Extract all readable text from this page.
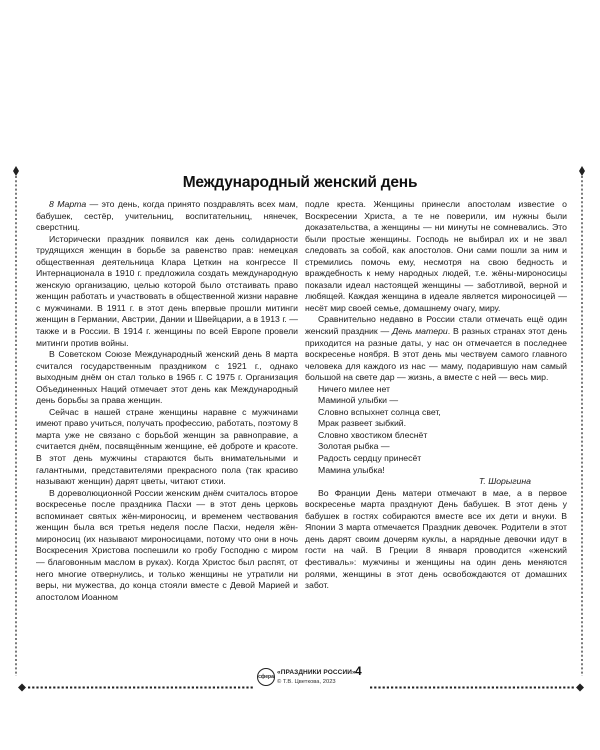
Международный женский день

8 Марта — это день, когда принято поздравлять всех мам, бабушек, сестёр, учительниц, воспитательниц, нянечек, сверстниц.

Исторически праздник появился как день солидарности трудящихся женщин в борьбе за равенство прав: немецкая общественная деятельница Клара Цеткин на конгрессе II Интернационала в 1910 г. предложила создать международную женскую организацию, целью которой было отстаивать право женщин работать и участвовать в общественной жизни наравне с мужчинами. В 1911 г. в этот день впервые прошли митинги женщин в Германии, Австрии, Дании и Швейцарии, а в 1913 г. — также и в России. В 1914 г. женщины по всей Европе провели митинги против войны.

В Советском Союзе Международный женский день 8 марта считался государственным праздником с 1921 г., однако выходным днём он стал только в 1965 г. С 1975 г. Организация Объединенных Наций отмечает этот день как Международный день борьбы за права женщин.

Сейчас в нашей стране женщины наравне с мужчинами имеют право учиться, получать профессию, работать, поэтому 8 марта уже не связано с борьбой женщин за равноправие, а считается днём, посвящённым женщине, её доброте и красоте. В этот день мужчины стараются быть внимательными и галантными, представителями прекрасного пола (так красиво называют женщин) дарят цветы, читают стихи.

В дореволюционной России женским днём считалось второе воскресенье после праздника Пасхи — в этот день церковь вспоминает святых жён-мироносиц, и временем чествования женщин была вся третья неделя после Пасхи, неделя жён-мироносиц (их называют мироносицами, потому что они в ночь Воскресения Христова поспешили ко гробу Господню с миром — благовонным маслом в руках). Когда Христос был распят, от него многие отвернулись, и только женщины не утратили ни веры, ни мужества, до конца стояли вместе с Девой Марией и апостолом Иоанном

подле креста. Женщины принесли апостолам известие о Воскресении Христа, а те не поверили, им нужны были доказательства, а женщины — ни минуты не сомневались. Это были простые женщины. Господь не выбирал их и не звал следовать за собой, как апостолов. Они сами пошли за ним и стремились помочь ему, несмотря на свою бедность и враждебность к нему народных людей, т.е. жёны-мироносицы показали идеал настоящей женщины — заботливой, верной и любящей. Каждая женщина в идеале является мироносицей — несёт мир своей семье, домашнему очагу, миру.

Сравнительно недавно в России стали отмечать ещё один женский праздник — День матери. В разных странах этот день приходится на разные даты, у нас он отмечается в последнее воскресенье ноября. В этот день мы чествуем самого главного человека для каждого из нас — маму, подарившую нам самый большой на свете дар — жизнь, а вместе с ней — весь мир.

Ничего милее нет
Маминой улыбки —
Словно вспыхнет солнца свет,
Мрак развеет зыбкий.
Словно хвостиком блеснёт
Золотая рыбка —
Радость сердцу принесёт
Мамина улыбка!

Т. Шорыгина

Во Франции День матери отмечают в мае, а в первое воскресенье марта празднуют День бабушек. В этот день у бабушек в гостях собираются вместе все их дети и внуки. В Японии 3 марта отмечается Праздник девочек. Родители в этот день дарят своим дочерям куклы, а нарядные девочки идут в гости на чай. В Греции 8 января проводится «женский фестиваль»: мужчины и женщины на один день меняются ролями, женщины в этот день освобождаются от домашних забот.

сфера
«ПРАЗДНИКИ РОССИИ»
© Т.В. Цветкова, 2023
4
